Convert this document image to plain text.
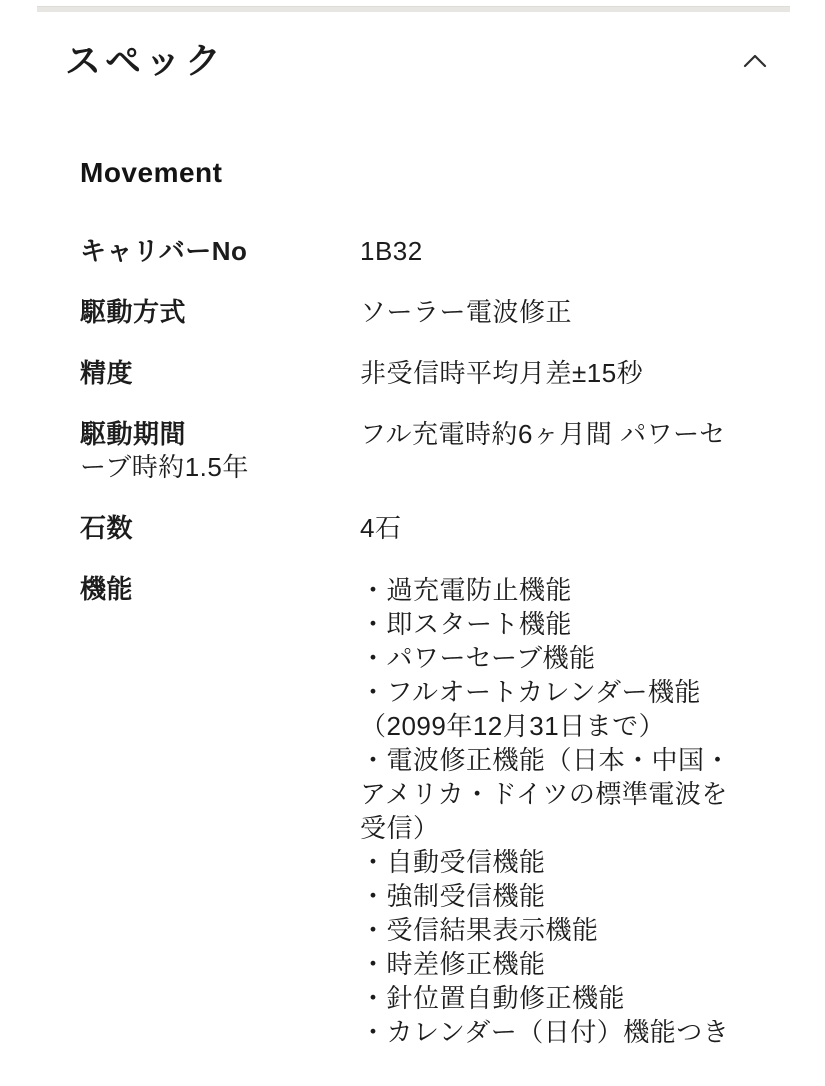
スペック
Movement
キャリバーNo	1B32
駆動方式	ソーラー電波修正
精度	非受信時平均月差±15秒
駆動期間	フル充電時約6ヶ月間 パワーセーブ時約1.5年
石数	4石
機能	・過充電防止機能
・即スタート機能
・パワーセーブ機能
・フルオートカレンダー機能（2099年12月31日まで）
・電波修正機能（日本・中国・アメリカ・ドイツの標準電波を受信）
・自動受信機能
・強制受信機能
・受信結果表示機能
・時差修正機能
・針位置自動修正機能
・カレンダー（日付）機能つき
